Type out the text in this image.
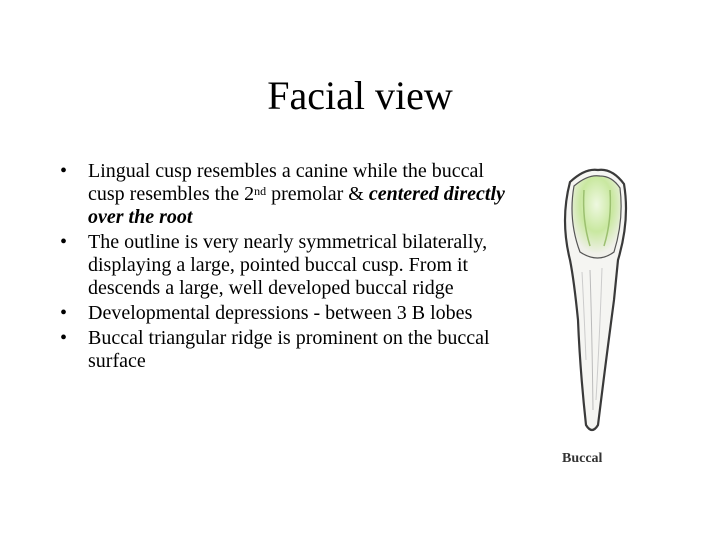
Facial view
• Lingual cusp resembles a canine while the buccal cusp resembles the 2nd premolar & centered directly over the root
• The outline is very nearly symmetrical bilaterally, displaying a large, pointed buccal cusp. From it descends a large, well developed buccal ridge
• Developmental depressions - between 3 B lobes
• Buccal triangular ridge is prominent on the buccal surface
Buccal
